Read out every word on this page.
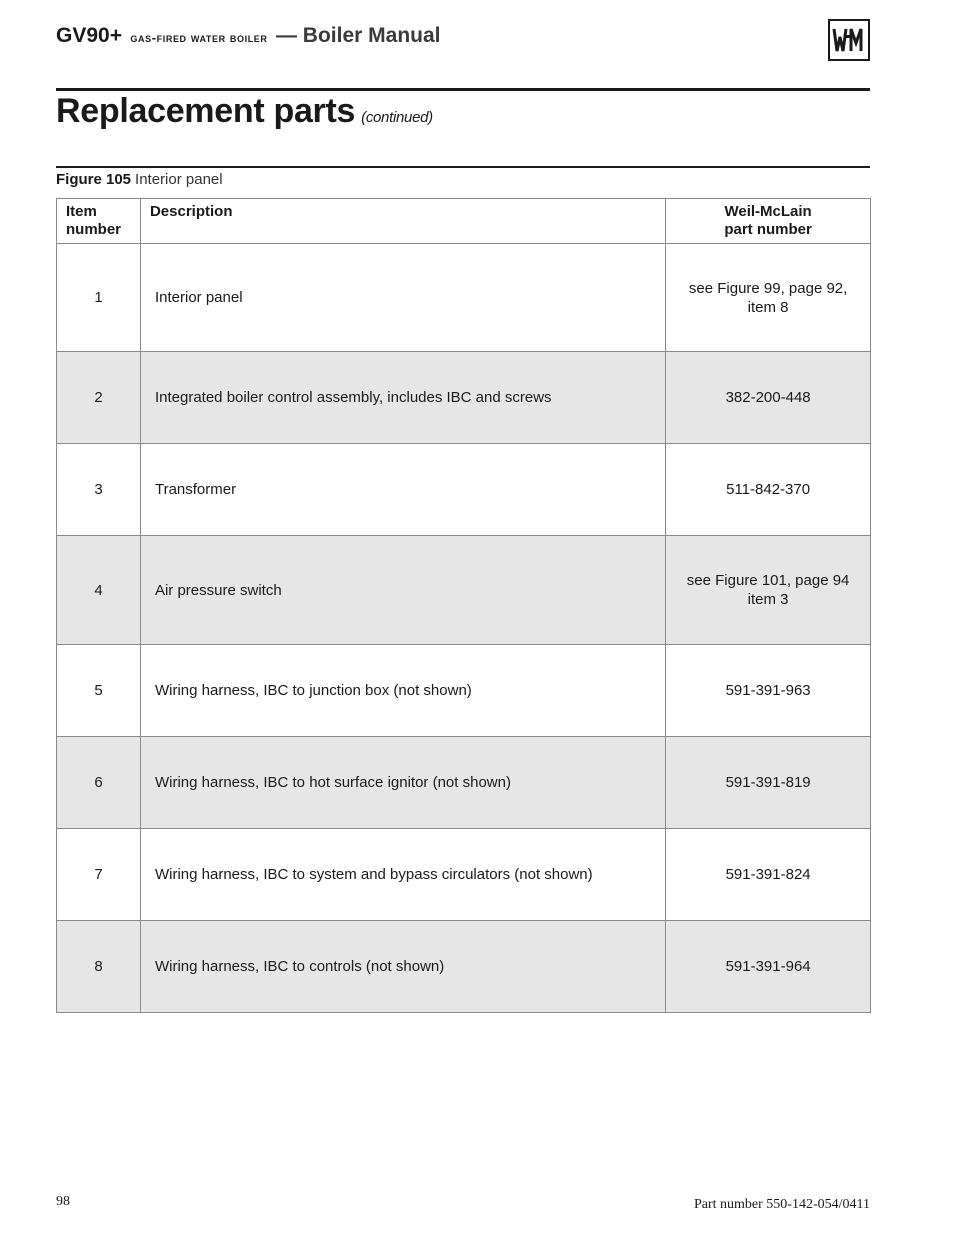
GV90+ gas-fired water boiler — Boiler Manual
Replacement parts (continued)
Figure 105 Interior panel
Item
number	Description	Weil-McLain
part number
1	Interior panel	see Figure 99, page 92,
item 8
2	Integrated boiler control assembly, includes IBC and screws	382-200-448
3	Transformer	511-842-370
4	Air pressure switch	see Figure 101, page 94
item 3
5	Wiring harness, IBC to junction box (not shown)	591-391-963
6	Wiring harness, IBC to hot surface ignitor (not shown)	591-391-819
7	Wiring harness, IBC to system and bypass circulators (not shown)	591-391-824
8	Wiring harness, IBC to controls (not shown)	591-391-964
98	Part number 550-142-054/0411
